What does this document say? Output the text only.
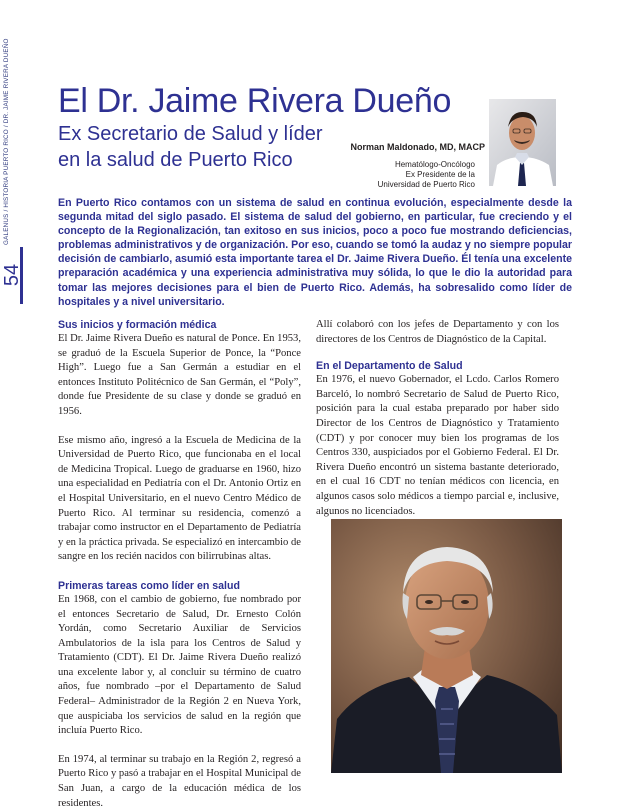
GALENUS / HISTORIA PUERTO RICO / DR. JAIME RIVERA DUEÑO
54
El Dr. Jaime Rivera Dueño
Ex Secretario de Salud y líder en la salud de Puerto Rico
Norman Maldonado, MD, MACP
Hematólogo-Oncólogo
Ex Presidente de la
Universidad de Puerto Rico
En Puerto Rico contamos con un sistema de salud en continua evolución, especialmente desde la segunda mitad del siglo pasado. El sistema de salud del gobierno, en particular, fue creciendo y el concepto de la Regionalización, tan exitoso en sus inicios, poco a poco fue mostrando deficiencias, problemas administrativos y de organización. Por eso, cuando se tomó la audaz y no siempre popular decisión de cambiarlo, asumió esta importante tarea el Dr. Jaime Rivera Dueño. Él tenía una excelente preparación académica y una experiencia administrativa muy sólida, lo que le dio la autoridad para tomar las mejores decisiones para el bien de Puerto Rico. Además, ha sobresalido como líder de hospitales y a nivel universitario.
Sus inicios y formación médica

El Dr. Jaime Rivera Dueño es natural de Ponce. En 1953, se graduó de la Escuela Superior de Ponce, la “Ponce High”. Luego fue a San Germán a estudiar en el entonces Instituto Politécnico de San Germán, el “Poly”, donde fue Presidente de su clase y donde se graduó en 1956.

Ese mismo año, ingresó a la Escuela de Medicina de la Universidad de Puerto Rico, que funcionaba en el local de Medicina Tropical. Luego de graduarse en 1960, hizo una especialidad en Pediatría con el Dr. Antonio Ortiz en el Hospital Universitario, en el nuevo Centro Médico de Puerto Rico. Al terminar su residencia, comenzó a trabajar como instructor en el Departamento de Pediatría y en la práctica privada. Se especializó en intercambio de sangre en los recién nacidos con bilirrubinas altas.

Primeras tareas como líder en salud

En 1968, con el cambio de gobierno, fue nombrado por el entonces Secretario de Salud, Dr. Ernesto Colón Yordán, como Secretario Auxiliar de Servicios Ambulatorios de la isla para los Centros de Salud y Tratamiento (CDT). El Dr. Jaime Rivera Dueño realizó una excelente labor y, al concluir su término de cuatro años, fue nombrado –por el Departamento de Salud Federal– Administrador de la Región 2 en Nueva York, que auspiciaba los servicios de salud en la región que incluía Puerto Rico.

En 1974, al terminar su trabajo en la Región 2, regresó a Puerto Rico y pasó a trabajar en el Hospital Municipal de San Juan, a cargo de la educación médica de los residentes.

Allí colaboró con los jefes de Departamento y con los directores de los Centros de Diagnóstico de la Capital.

En el Departamento de Salud

En 1976, el nuevo Gobernador, el Lcdo. Carlos Romero Barceló, lo nombró Secretario de Salud de Puerto Rico, posición para la cual estaba preparado por haber sido Director de los Centros de Diagnóstico y Tratamiento (CDT) y por conocer muy bien los programas de los Centros 330, auspiciados por el Gobierno Federal. El Dr. Rivera Dueño encontró un sistema bastante deteriorado, en el cual 16 CDT no tenían médicos con licencia, en algunos casos solo médicos a tiempo parcial e, inclusive, algunos no licenciados.
